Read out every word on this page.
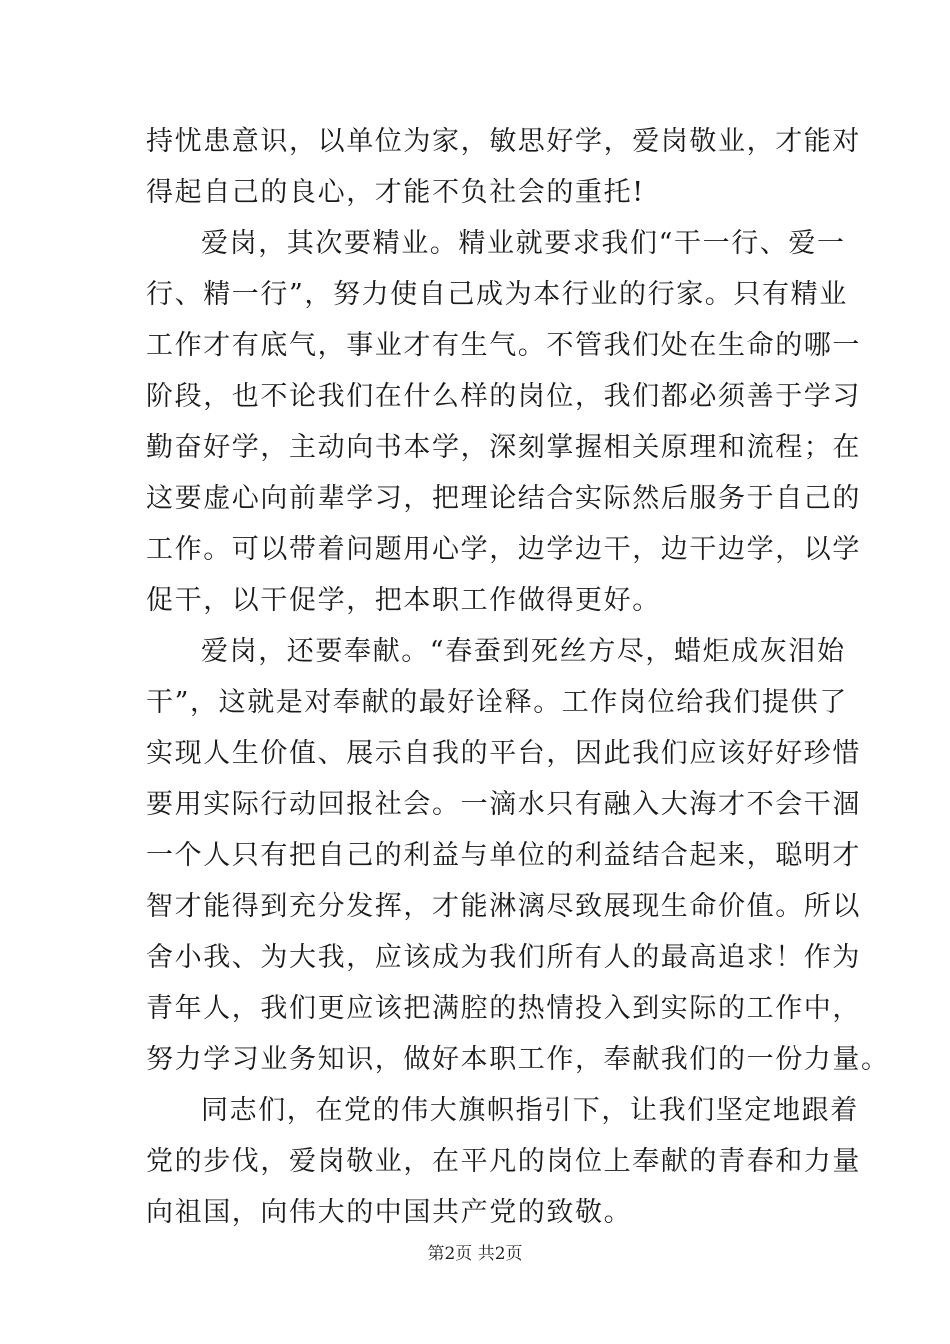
持忧患意识，以单位为家，敏思好学，爱岗敬业，才能对
得起自己的良心，才能不负社会的重托!
爱岗，其次要精业。精业就要求我们“干一行、爱一
行、精一行”，努力使自己成为本行业的行家。只有精业
工作才有底气，事业才有生气。不管我们处在生命的哪一
阶段，也不论我们在什么样的岗位，我们都必须善于学习
勤奋好学，主动向书本学，深刻掌握相关原理和流程；在
这要虚心向前辈学习，把理论结合实际然后服务于自己的
工作。可以带着问题用心学，边学边干，边干边学，以学
促干，以干促学，把本职工作做得更好。
爱岗，还要奉献。“春蚕到死丝方尽，蜡炬成灰泪始
干”，这就是对奉献的最好诠释。工作岗位给我们提供了
实现人生价值、展示自我的平台，因此我们应该好好珍惜
要用实际行动回报社会。一滴水只有融入大海才不会干涸
一个人只有把自己的利益与单位的利益结合起来，聪明才
智才能得到充分发挥，才能淋漓尽致展现生命价值。所以
舍小我、为大我，应该成为我们所有人的最高追求！作为
青年人，我们更应该把满腔的热情投入到实际的工作中，
努力学习业务知识，做好本职工作，奉献我们的一份力量。
同志们，在党的伟大旗帜指引下，让我们坚定地跟着
党的步伐，爱岗敬业，在平凡的岗位上奉献的青春和力量
向祖国，向伟大的中国共产党的致敬。
第2页 共2页
